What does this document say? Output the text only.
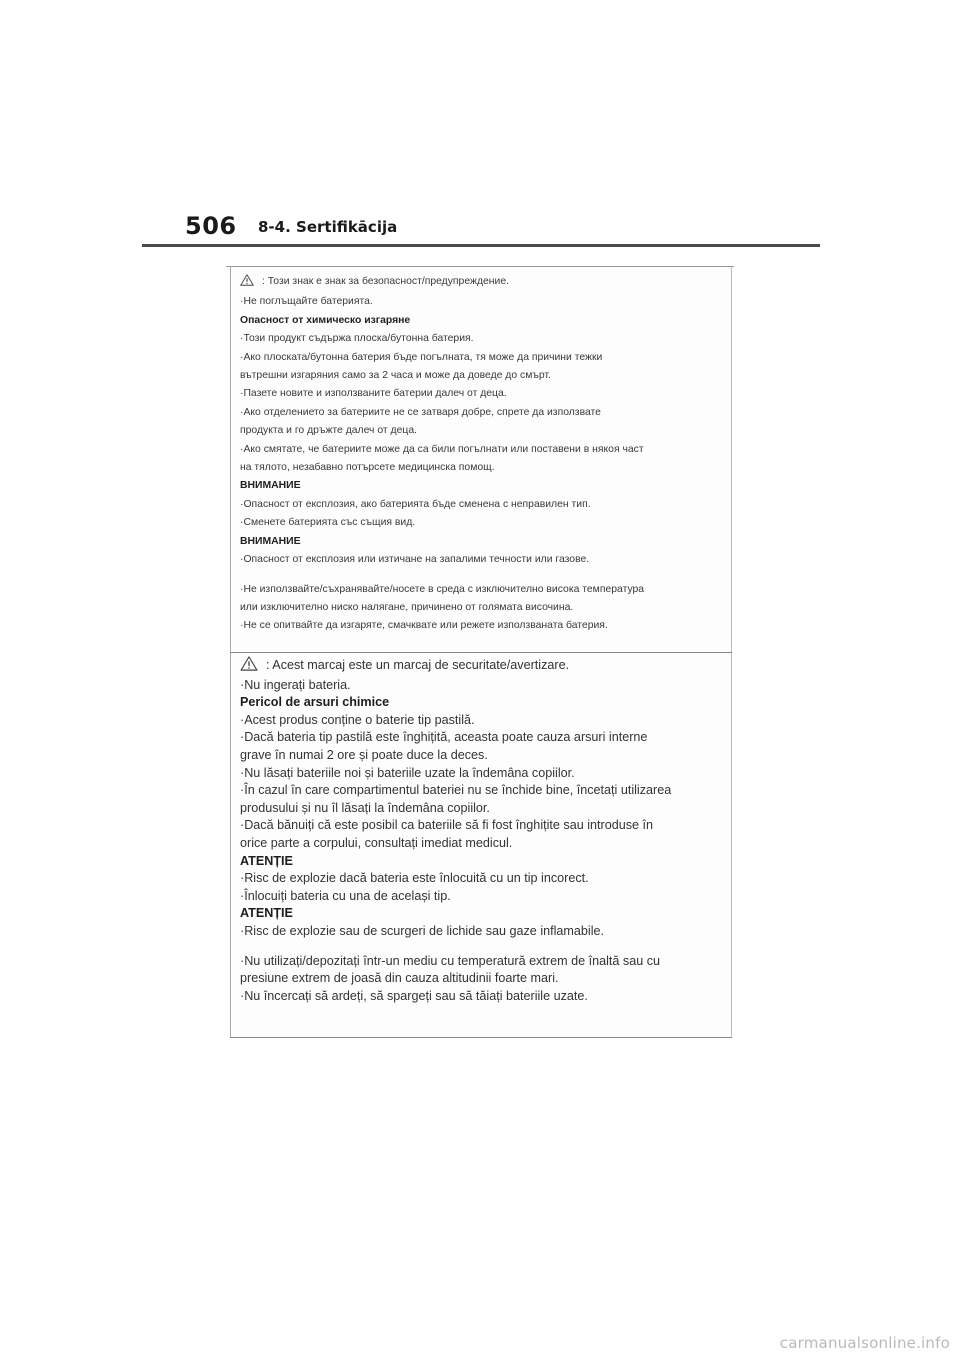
506 8-4. Sertifikācija
: Този знак е знак за безопасност/предупреждение.
·Не поглъщайте батерията.
Опасност от химическо изгаряне
·Този продукт съдържа плоска/бутонна батерия.
·Ако плоската/бутонна батерия бъде погълната, тя може да причини тежки
вътрешни изгаряния само за 2 часа и може да доведе до смърт.
·Пазете новите и използваните батерии далеч от деца.
·Ако отделението за батериите не се затваря добре, спрете да използвате
продукта и го дръжте далеч от деца.
·Ако смятате, че батериите може да са били погълнати или поставени в някоя част
на тялото, незабавно потърсете медицинска помощ.
ВНИМАНИЕ
·Опасност от експлозия, ако батерията бъде сменена с неправилен тип.
·Сменете батерията със същия вид.
ВНИМАНИЕ
·Опасност от експлозия или изтичане на запалими течности или газове.
·Не използвайте/съхранявайте/носете в среда с изключително висока температура
или изключително ниско налягане, причинено от голямата височина.
·Не се опитвайте да изгаряте, смачквате или режете използваната батерия.
: Acest marcaj este un marcaj de securitate/avertizare.
·Nu ingerați bateria.
Pericol de arsuri chimice
·Acest produs conține o baterie tip pastilă.
·Dacă bateria tip pastilă este înghițită, aceasta poate cauza arsuri interne
grave în numai 2 ore și poate duce la deces.
·Nu lăsați bateriile noi și bateriile uzate la îndemâna copiilor.
·În cazul în care compartimentul bateriei nu se închide bine, încetați utilizarea
produsului și nu îl lăsați la îndemâna copiilor.
·Dacă bănuiți că este posibil ca bateriile să fi fost înghițite sau introduse în
orice parte a corpului, consultați imediat medicul.
ATENȚIE
·Risc de explozie dacă bateria este înlocuită cu un tip incorect.
·Înlocuiți bateria cu una de același tip.
ATENȚIE
·Risc de explozie sau de scurgeri de lichide sau gaze inflamabile.
·Nu utilizați/depozitați într-un mediu cu temperatură extrem de înaltă sau cu
presiune extrem de joasă din cauza altitudinii foarte mari.
·Nu încercați să ardeți, să spargeți sau să tăiați bateriile uzate.
carmanualsonline.info
